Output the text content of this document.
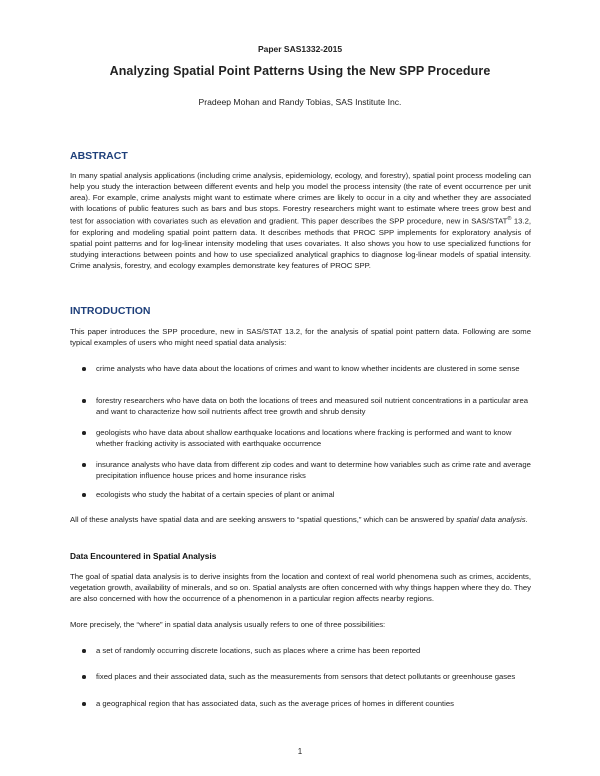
Paper SAS1332-2015
Analyzing Spatial Point Patterns Using the New SPP Procedure
Pradeep Mohan and Randy Tobias, SAS Institute Inc.
ABSTRACT

In many spatial analysis applications (including crime analysis, epidemiology, ecology, and forestry), spatial point process modeling can help you study the interaction between different events and help you model the process intensity (the rate of event occurrence per unit area). For example, crime analysts might want to estimate where crimes are likely to occur in a city and whether they are associated with locations of public features such as bars and bus stops. Forestry researchers might want to estimate where trees grow best and test for association with covariates such as elevation and gradient. This paper describes the SPP procedure, new in SAS/STAT® 13.2, for exploring and modeling spatial point pattern data. It describes methods that PROC SPP implements for exploratory analysis of spatial point patterns and for log-linear intensity modeling that uses covariates. It also shows you how to use specialized functions for studying interactions between points and how to use specialized analytical graphics to diagnose log-linear models of spatial intensity. Crime analysis, forestry, and ecology examples demonstrate key features of PROC SPP.

INTRODUCTION

This paper introduces the SPP procedure, new in SAS/STAT 13.2, for the analysis of spatial point pattern data. Following are some typical examples of users who might need spatial data analysis:

crime analysts who have data about the locations of crimes and want to know whether incidents are clustered in some sense
forestry researchers who have data on both the locations of trees and measured soil nutrient concentrations in a particular area and want to characterize how soil nutrients affect tree growth and shrub density
geologists who have data about shallow earthquake locations and locations where fracking is performed and want to know whether fracking activity is associated with earthquake occurrence
insurance analysts who have data from different zip codes and want to determine how variables such as crime rate and average precipitation influence house prices and home insurance risks
ecologists who study the habitat of a certain species of plant or animal

All of these analysts have spatial data and are seeking answers to “spatial questions,” which can be answered by spatial data analysis.

Data Encountered in Spatial Analysis

The goal of spatial data analysis is to derive insights from the location and context of real world phenomena such as crimes, accidents, vegetation growth, availability of minerals, and so on. Spatial analysts are often concerned with why things happen where they do. They are also concerned with how the occurrence of a phenomenon in a particular region affects nearby regions.

More precisely, the “where” in spatial data analysis usually refers to one of three possibilities:

a set of randomly occurring discrete locations, such as places where a crime has been reported
fixed places and their associated data, such as the measurements from sensors that detect pollutants or greenhouse gases
a geographical region that has associated data, such as the average prices of homes in different counties
1
